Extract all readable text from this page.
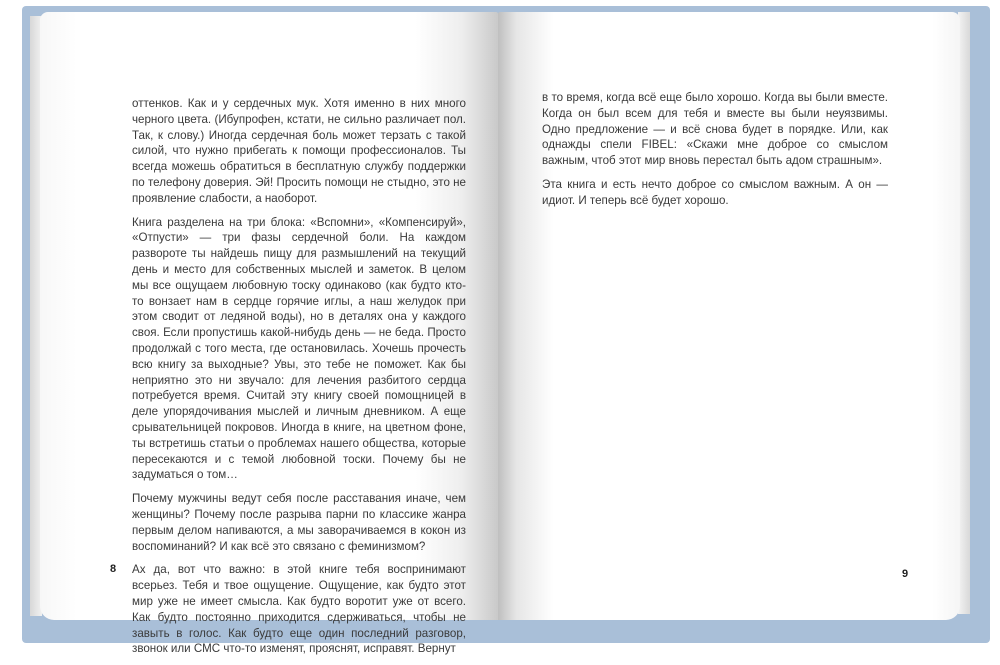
оттенков. Как и у сердечных мук. Хотя именно в них много черного цвета. (Ибупрофен, кстати, не сильно различает пол. Так, к слову.) Иногда сердечная боль может терзать с такой силой, что нужно прибегать к помощи профессионалов. Ты всегда можешь обратиться в бесплатную службу поддержки по телефону доверия. Эй! Просить помощи не стыдно, это не проявление слабости, а наоборот.

Книга разделена на три блока: «Вспомни», «Компенсируй», «Отпусти» — три фазы сердечной боли. На каждом развороте ты найдешь пищу для размышлений на текущий день и место для собственных мыслей и заметок. В целом мы все ощущаем любовную тоску одинаково (как будто кто-то вонзает нам в сердце горячие иглы, а наш желудок при этом сводит от ледяной воды), но в деталях она у каждого своя. Если пропустишь какой-нибудь день — не беда. Просто продолжай с того места, где остановилась. Хочешь прочесть всю книгу за выходные? Увы, это тебе не поможет. Как бы неприятно это ни звучало: для лечения разбитого сердца потребуется время. Считай эту книгу своей помощницей в деле упорядочивания мыслей и личным дневником. А еще срывательницей покровов. Иногда в книге, на цветном фоне, ты встретишь статьи о проблемах нашего общества, которые пересекаются и с темой любовной тоски. Почему бы не задуматься о том…

Почему мужчины ведут себя после расставания иначе, чем женщины? Почему после разрыва парни по классике жанра первым делом напиваются, а мы заворачиваемся в кокон из воспоминаний? И как всё это связано с феминизмом?

Ах да, вот что важно: в этой книге тебя воспринимают всерьез. Тебя и твое ощущение. Ощущение, как будто этот мир уже не имеет смысла. Как будто воротит уже от всего. Как будто постоянно приходится сдерживаться, чтобы не завыть в голос. Как будто еще один последний разговор, звонок или СМС что-то изменят, прояснят, исправят. Вернут

8

в то время, когда всё еще было хорошо. Когда вы были вместе. Когда он был всем для тебя и вместе вы были неуязвимы. Одно предложение — и всё снова будет в порядке. Или, как однажды спели FIBEL: «Скажи мне доброе со смыслом важным, чтоб этот мир вновь перестал быть адом страшным».

Эта книга и есть нечто доброе со смыслом важным. А он — идиот. И теперь всё будет хорошо.

9
